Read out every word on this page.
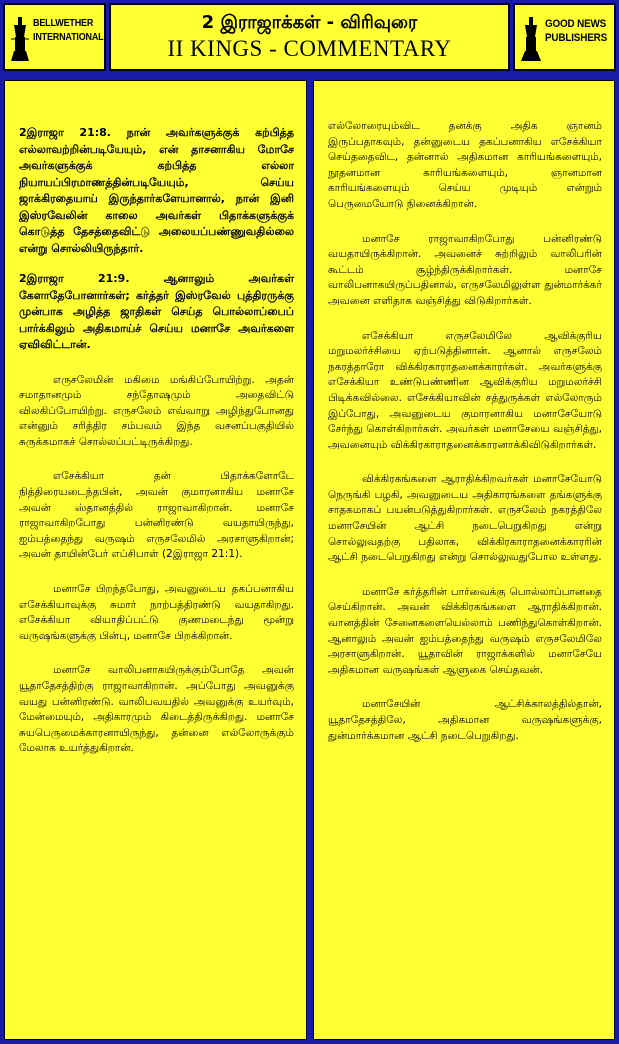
BELLWETHER
INTERNATIONAL
2 இராஜாக்கள் - விரிவுரை
II KINGS - COMMENTARY
GOOD NEWS
PUBLISHERS

2இராஜா 21:8. நான் அவர்களுக்குக் கற்பித்த எல்லாவற்றின்படியேயும், என் தாசனாகிய மோசே அவர்களுக்குக் கற்பித்த எல்லா நியாயப்பிரமாணத்தின்படியேயும், செய்ய ஜாக்கிரதையாய் இருந்தார்களேயானால், நான் இனி இஸ்ரவேலின் காலை அவர்கள் பிதாக்களுக்குக் கொடுத்த தேசத்தைவிட்டு அலையப்பண்ணுவதில்லை என்று சொல்லியிருந்தார்.

2இராஜா 21:9. ஆனாலும் அவர்கள் கேளாதேபோனார்கள்; கர்த்தர் இஸ்ரவேல் புத்திரருக்கு முன்பாக அழித்த ஜாதிகள் செய்த பொல்லாப்பைப் பார்க்கிலும் அதிகமாய்ச் செய்ய மனாசே அவர்களை ஏவிவிட்டான்.

எருசலேமின் மகிமை மங்கிப்போயிற்று. அதன் சமாதானமும் சந்தோஷமும் அதைவிட்டு விலகிப்போயிற்று. எருசலேம் எவ்வாறு அழிந்துபோனது என்னும் சரித்திர சம்பவம் இந்த வசனப்பகுதியில் சுருக்கமாகச் சொல்லப்பட்டிருக்கிறது.

எசேக்கியா தன் பிதாக்களோடே நித்திரையடைந்தபின், அவன் குமாரனாகிய மனாசே அவன் ஸ்தானத்தில் ராஜாவாகிறான். மனாசே ராஜாவாகிறபோது பன்னிரண்டு வயதாயிருந்து, ஐம்பத்தைந்து வருஷம் எருசலேமில் அரசாளுகிறான்; அவன் தாயின்பேர் எப்சிபாள் (2இராஜா 21:1).

மனாசே பிறந்தபோது, அவனுடைய தகப்பனாகிய எசேக்கியாவுக்கு சுமார் நாற்பத்திரண்டு வயதாகிறது. எசேக்கியா வியாதிப்பட்டு குணமடைந்து மூன்று வருஷங்களுக்கு பின்பு, மனாசே பிறக்கிறான்.

மனாசே வாலிபனாகயிருக்கும்போதே அவன் யூதாதேசத்திற்கு ராஜாவாகிறான். அப்போது அவனுக்கு வயது பன்னிரண்டு. வாலிபவயதில் அவனுக்கு உயர்வும், மேன்மையும், அதிகாரமும் கிடைத்திருக்கிறது. மனாசே சுயபெருமைக்காரனாயிருந்து, தன்னை எல்லோருக்கும் மேலாக உயர்த்துகிறான்.

எல்லோரையும்விட தனக்கு அதிக ஞானம் இருப்பதாகவும், தன்னுடைய தகப்பனாகிய எசேக்கியா செய்ததைவிட, தன்னால் அதிகமான காரியங்களையும், நூதனமான காரியங்களையும், ஞானமான காரியங்களையும் செய்ய முடியும் என்றும் பெருமையோடு நினைக்கிறான்.

மனாசே ராஜாவாகிறபோது பன்னிரண்டு வயதாயிருக்கிறான். அவனைச் சுற்றிலும் வாலிபரின் கூட்டம் சூழ்ந்திருக்கிறார்கள். மனாசே வாலிபனாகயிருப்பதினால், எருசலேமிலுள்ள துன்மார்க்கர் அவனை எளிதாக வஞ்சித்து விடுகிறார்கள்.

எசேக்கியா எருசலேமிலே ஆவிக்குரிய மறுமலர்ச்சியை ஏற்படுத்தினான். ஆனால் எருசலேம் நகரத்தாரோ விக்கிரகாராதனைக்காரர்கள். அவர்களுக்கு எசேக்கியா உண்டுபண்ணின ஆவிக்குரிய மறுமலர்ச்சி பிடிக்கவில்லை. எசேக்கியாவின் சத்துருக்கள் எல்லோரும் இப்போது, அவனுடைய குமாரனாகிய மனாசேயோடு சேர்ந்து கொள்கிறார்கள். அவர்கள் மனாசேயை வஞ்சித்து, அவனையும் விக்கிரகாராதனைக்காரனாக்கிவிடுகிறார்கள்.

விக்கிரகங்களை ஆராதிக்கிறவர்கள் மனாசேயோடு நெருங்கி பழகி, அவனுடைய அதிகாரங்களை தங்களுக்கு சாதகமாகப் பயன்படுத்துகிறார்கள். எருசலேம் நகரத்திலே மனாசேயின் ஆட்சி நடைபெறுகிறது என்று சொல்லுவதற்கு பதிலாக, விக்கிரகாராதனைக்காரரின் ஆட்சி நடைபெறுகிறது என்று சொல்லுவதுபோல உள்ளது.

மனாசே கர்த்தரின் பார்வைக்கு பொல்லாப்பானதை செய்கிறான். அவன் விக்கிரகங்களை ஆராதிக்கிறான். வானத்தின் சேனைகளையெல்லாம் பணிந்துகொள்கிறான். ஆனாலும் அவன் ஐம்பத்தைந்து வருஷம் எருசலேமிலே அரசாளுகிறான். யூதாவின் ராஜாக்களில் மனாசேயே அதிகமான வருஷங்கள் ஆளுகை செய்தவன்.

மனாசேயின் ஆட்சிக்காலத்தில்தான், யூதாதேசத்திலே, அதிகமான வருஷங்களுக்கு, துன்மார்க்கமான ஆட்சி நடைபெறுகிறது.
